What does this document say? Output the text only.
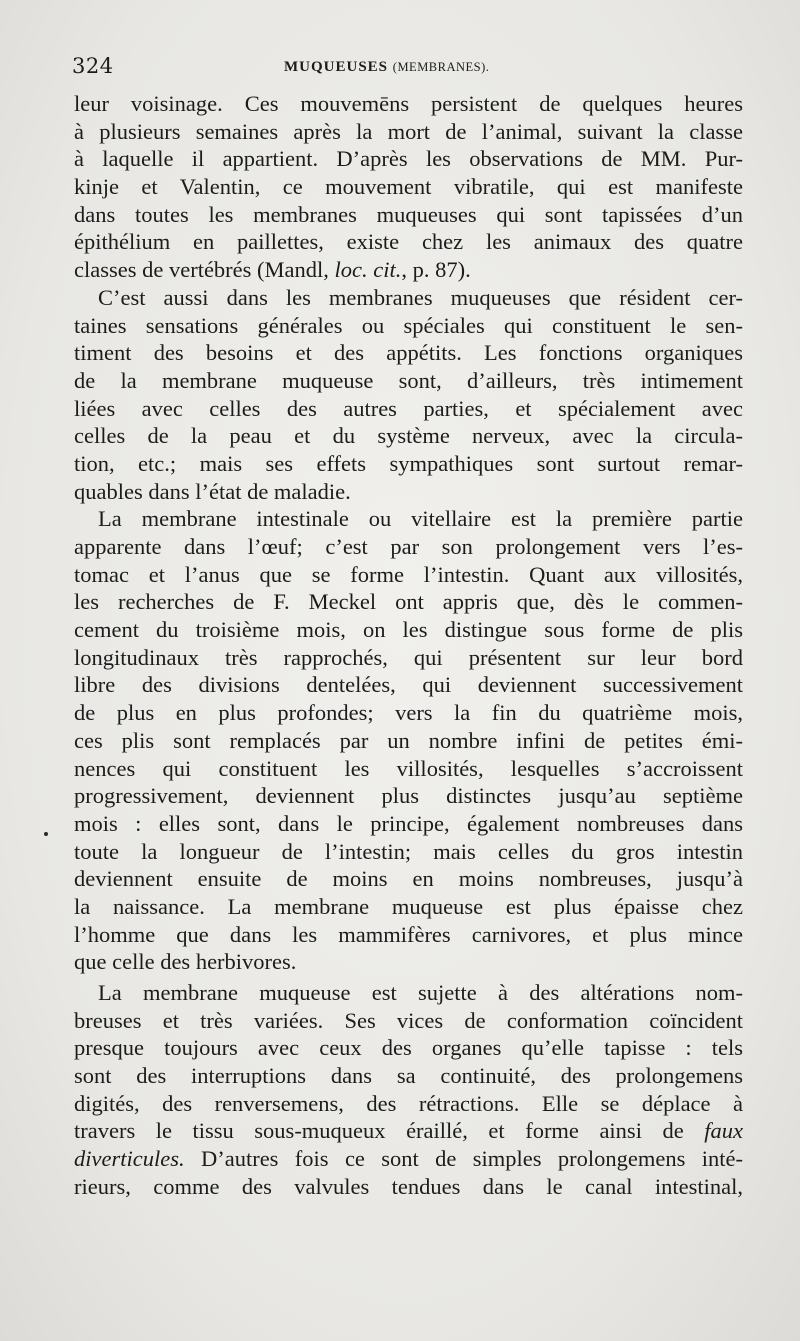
324	MUQUEUSES (MEMBRANES).
leur voisinage. Ces mouvemēns persistent de quelques heures
à plusieurs semaines après la mort de l’animal, suivant la classe
à laquelle il appartient. D’après les observations de MM. Pur-
kinje et Valentin, ce mouvement vibratile, qui est manifeste
dans toutes les membranes muqueuses qui sont tapissées d’un
épithélium en paillettes, existe chez les animaux des quatre
classes de vertébrés (Mandl, loc. cit., p. 87).
C’est aussi dans les membranes muqueuses que résident cer-
taines sensations générales ou spéciales qui constituent le sen-
timent des besoins et des appétits. Les fonctions organiques
de la membrane muqueuse sont, d’ailleurs, très intimement
liées avec celles des autres parties, et spécialement avec
celles de la peau et du système nerveux, avec la circula-
tion, etc.; mais ses effets sympathiques sont surtout remar-
quables dans l’état de maladie.
La membrane intestinale ou vitellaire est la première partie
apparente dans l’œuf; c’est par son prolongement vers l’es-
tomac et l’anus que se forme l’intestin. Quant aux villosités,
les recherches de F. Meckel ont appris que, dès le commen-
cement du troisième mois, on les distingue sous forme de plis
longitudinaux très rapprochés, qui présentent sur leur bord
libre des divisions dentelées, qui deviennent successivement
de plus en plus profondes; vers la fin du quatrième mois,
ces plis sont remplacés par un nombre infini de petites émi-
nences qui constituent les villosités, lesquelles s’accroissent
progressivement, deviennent plus distinctes jusqu’au septième
mois : elles sont, dans le principe, également nombreuses dans
toute la longueur de l’intestin; mais celles du gros intestin
deviennent ensuite de moins en moins nombreuses, jusqu’à
la naissance. La membrane muqueuse est plus épaisse chez
l’homme que dans les mammifères carnivores, et plus mince
que celle des herbivores.
La membrane muqueuse est sujette à des altérations nom-
breuses et très variées. Ses vices de conformation coïncident
presque toujours avec ceux des organes qu’elle tapisse : tels
sont des interruptions dans sa continuité, des prolongemens
digités, des renversemens, des rétractions. Elle se déplace à
travers le tissu sous-muqueux éraillé, et forme ainsi de faux
diverticules. D’autres fois ce sont de simples prolongemens inté-
rieurs, comme des valvules tendues dans le canal intestinal,
